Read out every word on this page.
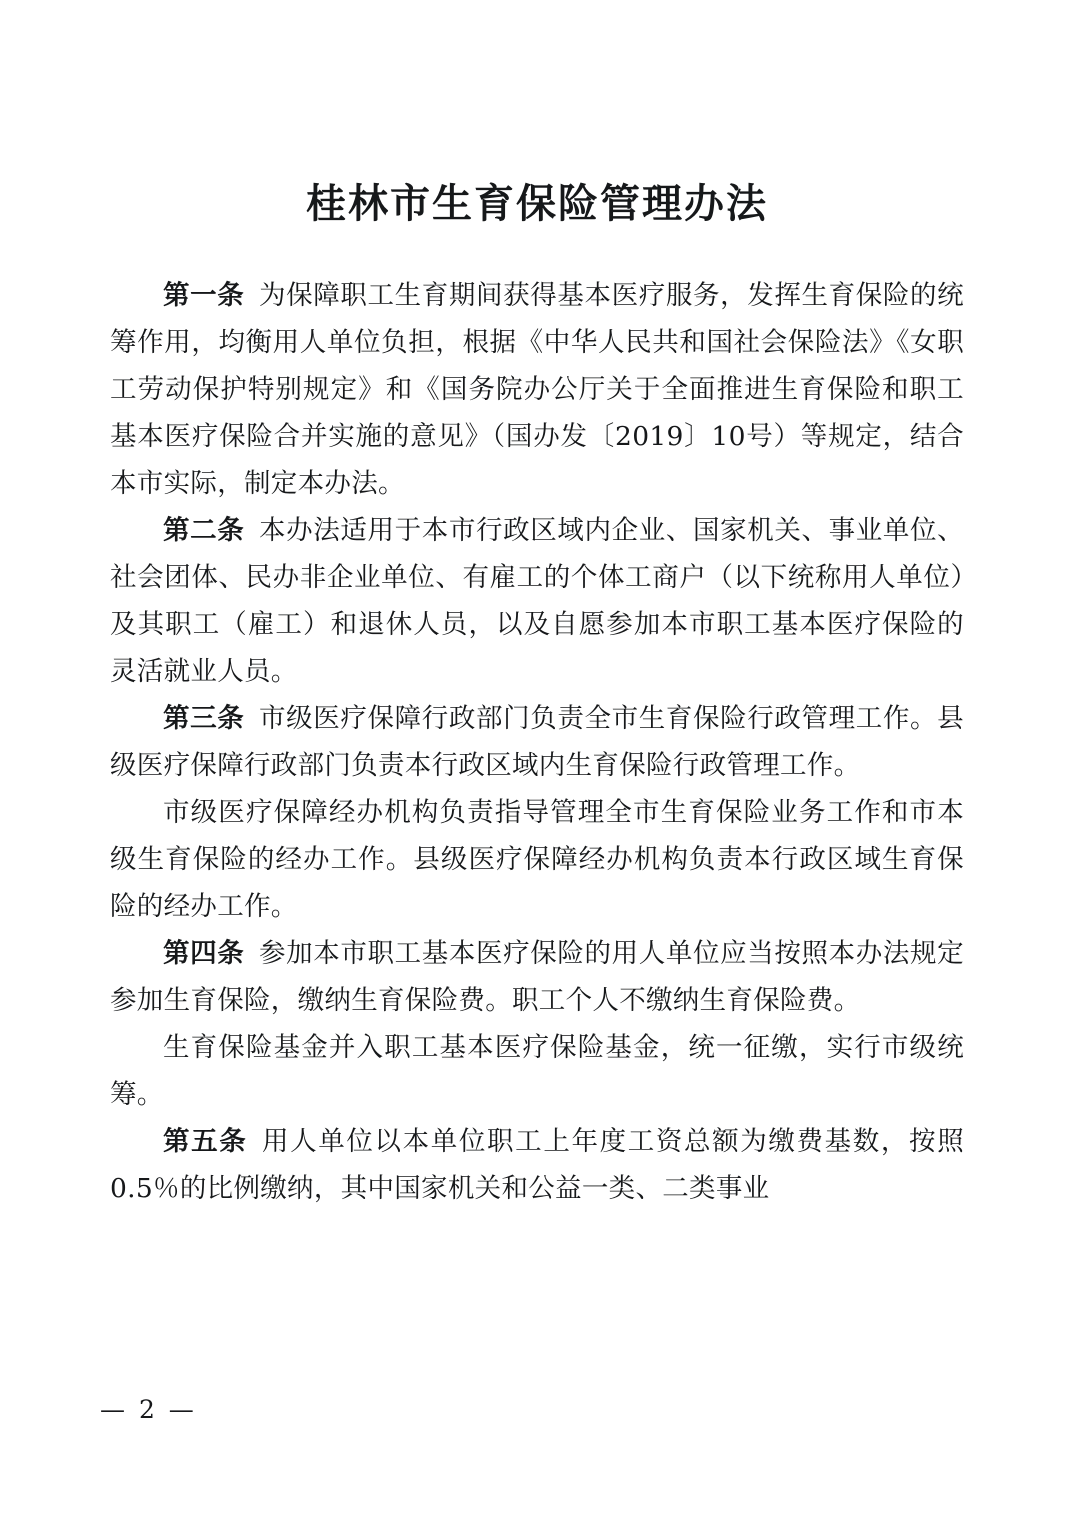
桂林市生育保险管理办法

第一条 为保障职工生育期间获得基本医疗服务，发挥生育保险的统筹作用，均衡用人单位负担，根据《中华人民共和国社会保险法》《女职工劳动保护特别规定》和《国务院办公厅关于全面推进生育保险和职工基本医疗保险合并实施的意见》（国办发〔2019〕10号）等规定，结合本市实际，制定本办法。

第二条 本办法适用于本市行政区域内企业、国家机关、事业单位、社会团体、民办非企业单位、有雇工的个体工商户（以下统称用人单位）及其职工（雇工）和退休人员，以及自愿参加本市职工基本医疗保险的灵活就业人员。

第三条 市级医疗保障行政部门负责全市生育保险行政管理工作。县级医疗保障行政部门负责本行政区域内生育保险行政管理工作。

市级医疗保障经办机构负责指导管理全市生育保险业务工作和市本级生育保险的经办工作。县级医疗保障经办机构负责本行政区域生育保险的经办工作。

第四条 参加本市职工基本医疗保险的用人单位应当按照本办法规定参加生育保险，缴纳生育保险费。职工个人不缴纳生育保险费。

生育保险基金并入职工基本医疗保险基金，统一征缴，实行市级统筹。

第五条 用人单位以本单位职工上年度工资总额为缴费基数，按照0.5％的比例缴纳，其中国家机关和公益一类、二类事业

— 2 —
